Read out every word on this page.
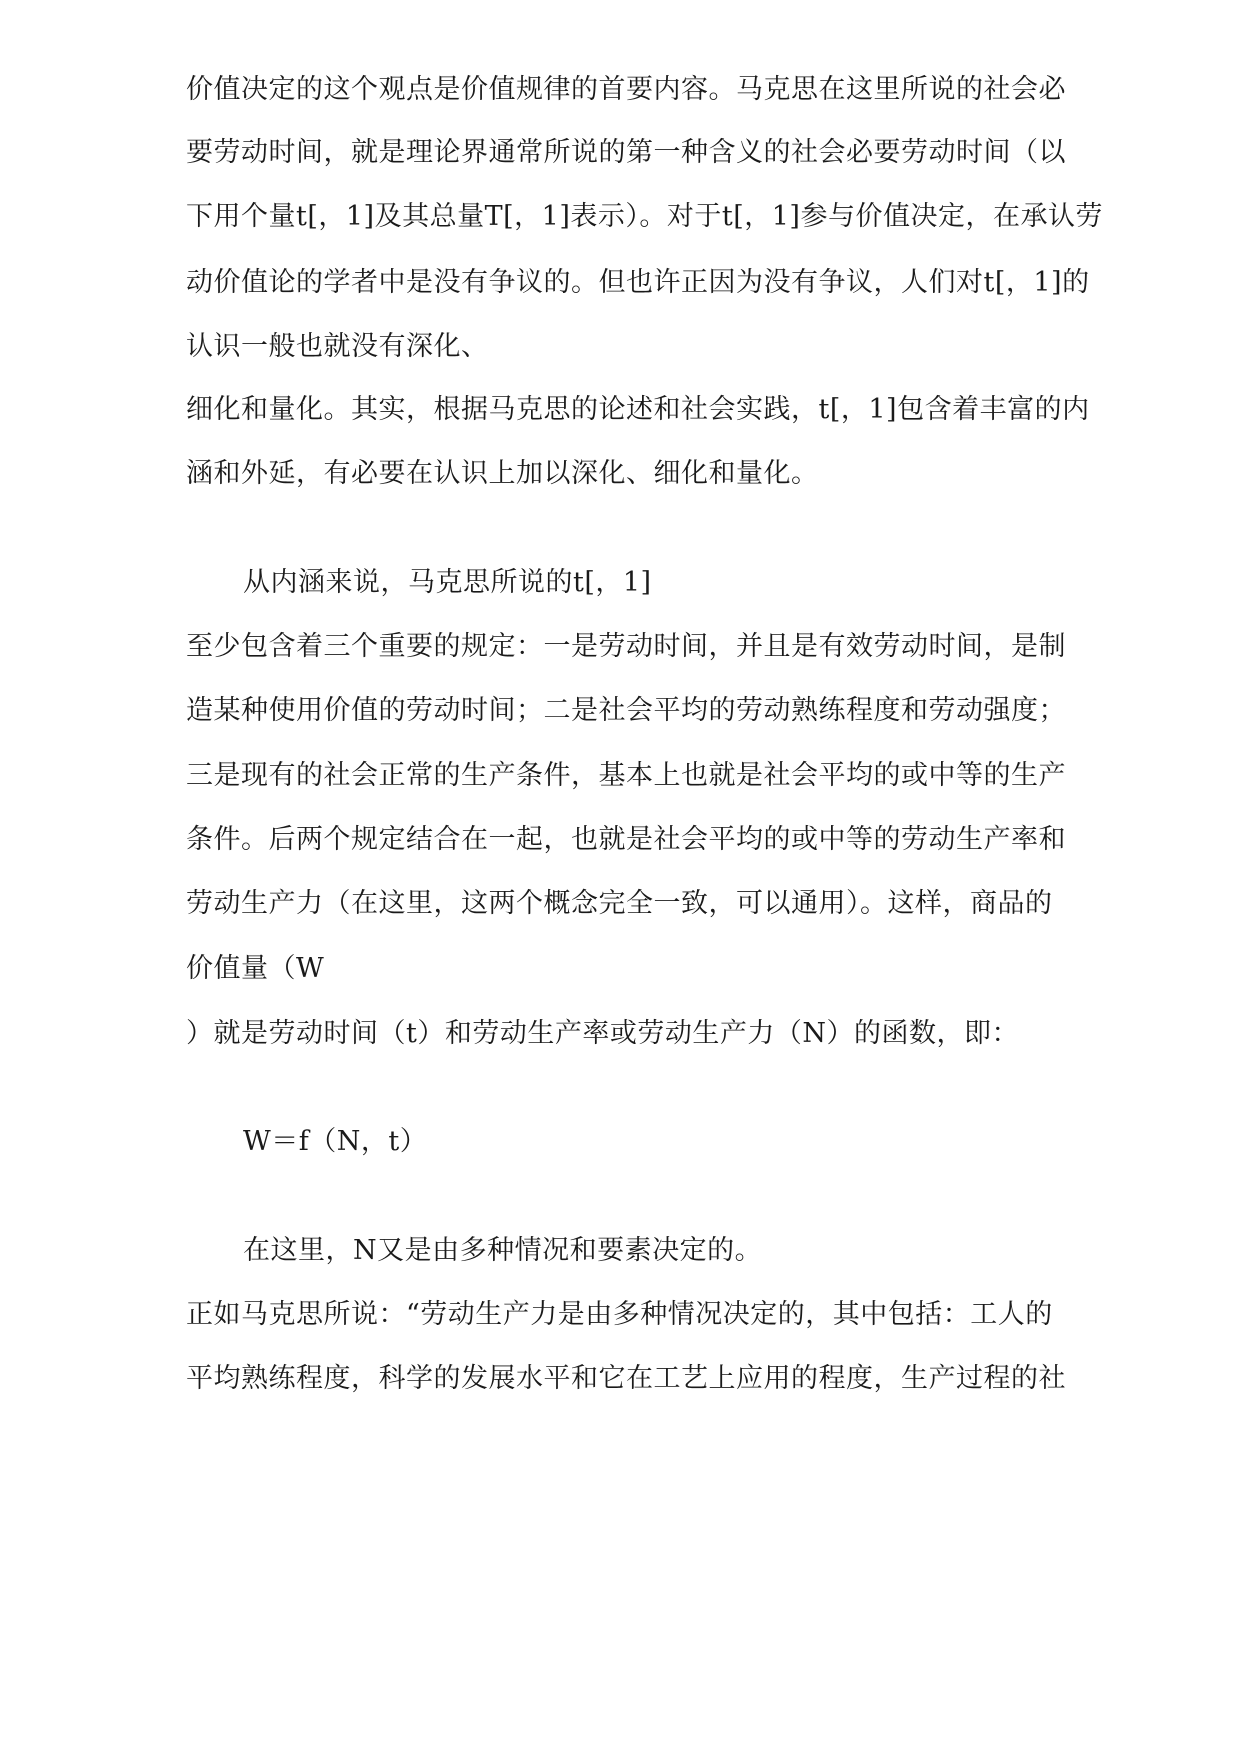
价值决定的这个观点是价值规律的首要内容。马克思在这里所说的社会必
要劳动时间，就是理论界通常所说的第一种含义的社会必要劳动时间（以
下用个量t[，1]及其总量T[，1]表示）。对于t[，1]参与价值决定，在承认劳
动价值论的学者中是没有争议的。但也许正因为没有争议，人们对t[，1]的
认识一般也就没有深化、
细化和量化。其实，根据马克思的论述和社会实践，t[，1]包含着丰富的内
涵和外延，有必要在认识上加以深化、细化和量化。
从内涵来说，马克思所说的t[，1]
至少包含着三个重要的规定：一是劳动时间，并且是有效劳动时间，是制
造某种使用价值的劳动时间；二是社会平均的劳动熟练程度和劳动强度；
三是现有的社会正常的生产条件，基本上也就是社会平均的或中等的生产
条件。后两个规定结合在一起，也就是社会平均的或中等的劳动生产率和
劳动生产力（在这里，这两个概念完全一致，可以通用）。这样，商品的
价值量（W
）就是劳动时间（t）和劳动生产率或劳动生产力（N）的函数，即：
W＝f（N，t）
在这里，N又是由多种情况和要素决定的。
正如马克思所说：“劳动生产力是由多种情况决定的，其中包括：工人的
平均熟练程度，科学的发展水平和它在工艺上应用的程度，生产过程的社
